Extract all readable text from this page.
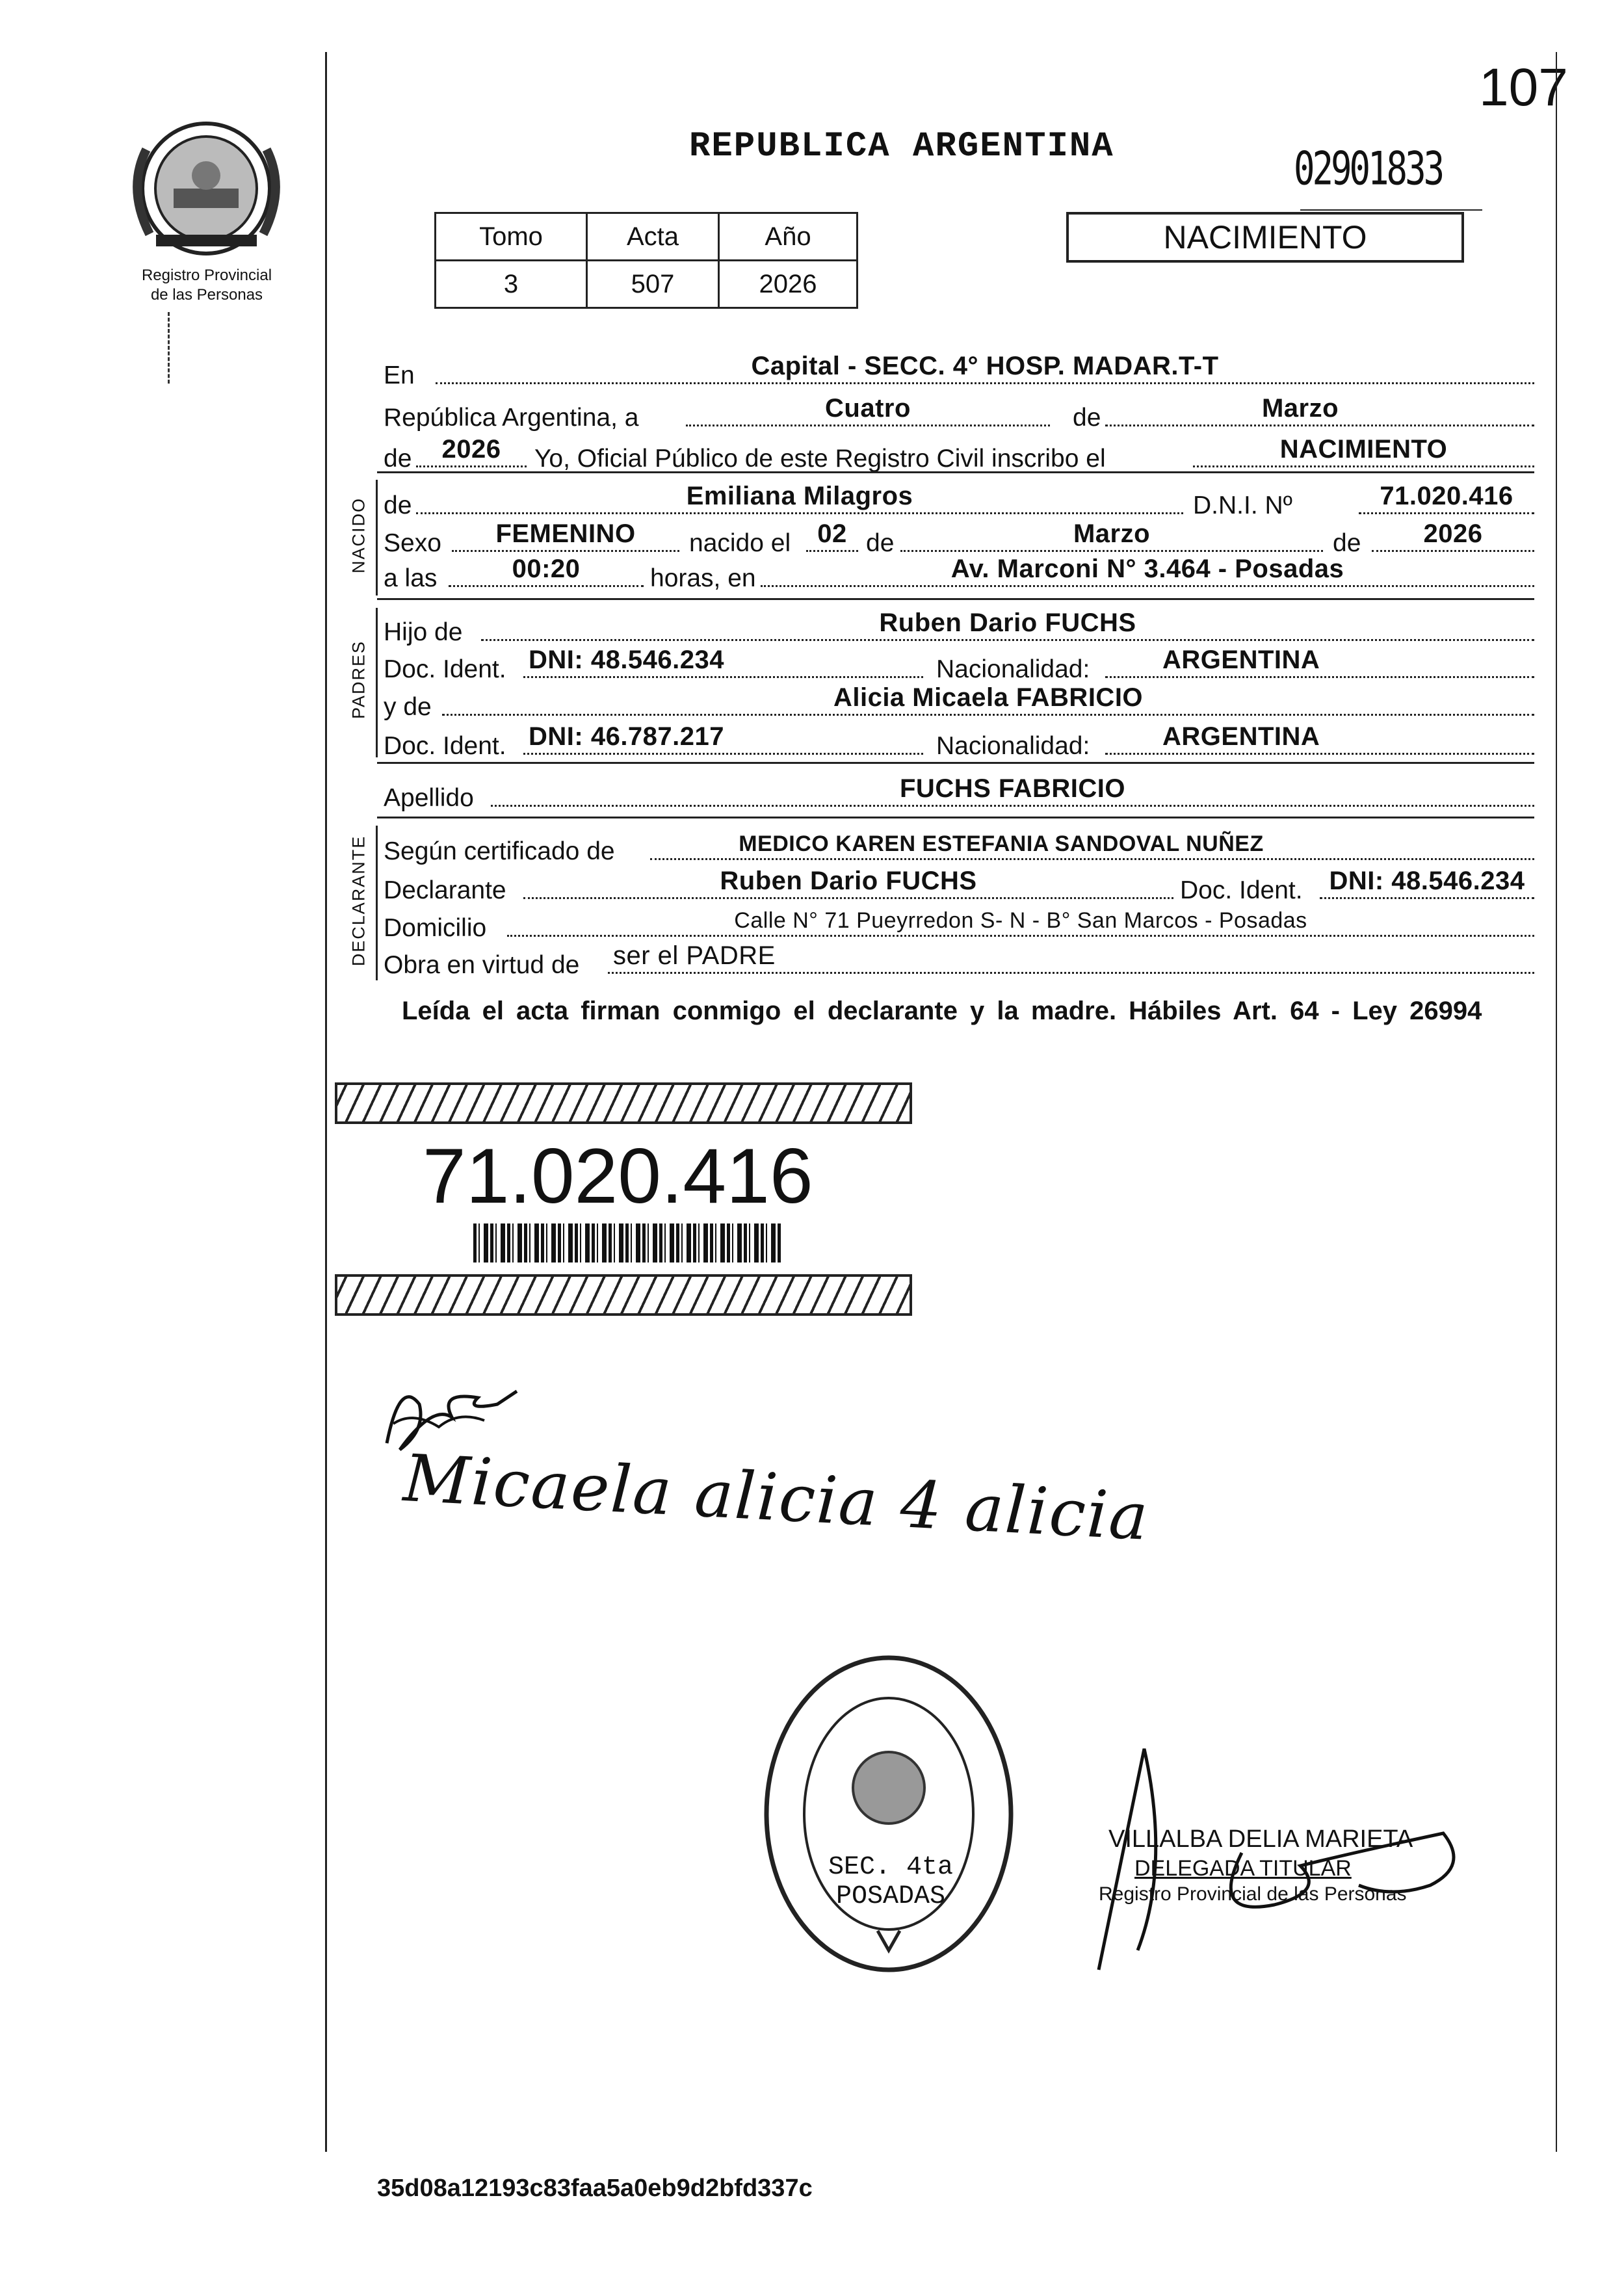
107
02901833
Registro Provincial
de las Personas
REPUBLICA ARGENTINA
Tomo	Acta	Año
3	507	2026
NACIMIENTO
En	Capital - SECC. 4° HOSP. MADAR.T-T
República Argentina, a	Cuatro	de	Marzo
de	2026	Yo, Oficial Público de este Registro Civil inscribo el	NACIMIENTO
NACIDO de	Emiliana Milagros	D.N.I. Nº	71.020.416
Sexo	FEMENINO	nacido el	02 de	Marzo	de	2026
a las	00:20	horas, en	Av. Marconi N° 3.464 - Posadas
PADRES
Hijo de	Ruben Dario FUCHS
Doc. Ident. DNI: 48.546.234	Nacionalidad:	ARGENTINA
y de	Alicia Micaela FABRICIO
Doc. Ident. DNI: 46.787.217	Nacionalidad:	ARGENTINA
Apellido	FUCHS FABRICIO
DECLARANTE Según certificado de	MEDICO KAREN ESTEFANIA SANDOVAL NUÑEZ
Declarante	Ruben Dario FUCHS	Doc. Ident.	DNI: 48.546.234
Domicilio	Calle N° 71 Pueyrredon S- N - B° San Marcos - Posadas
Obra en virtud de ser el PADRE
Leída el acta firman conmigo el declarante y la madre. Hábiles Art. 64 - Ley 26994
71.020.416
Micaela alicia 4 alicia
SEC. 4ta POSADAS
VILLALBA DELIA MARIETA
DELEGADA TITULAR
Registro Provincial de las Personas
35d08a12193c83faa5a0eb9d2bfd337c
